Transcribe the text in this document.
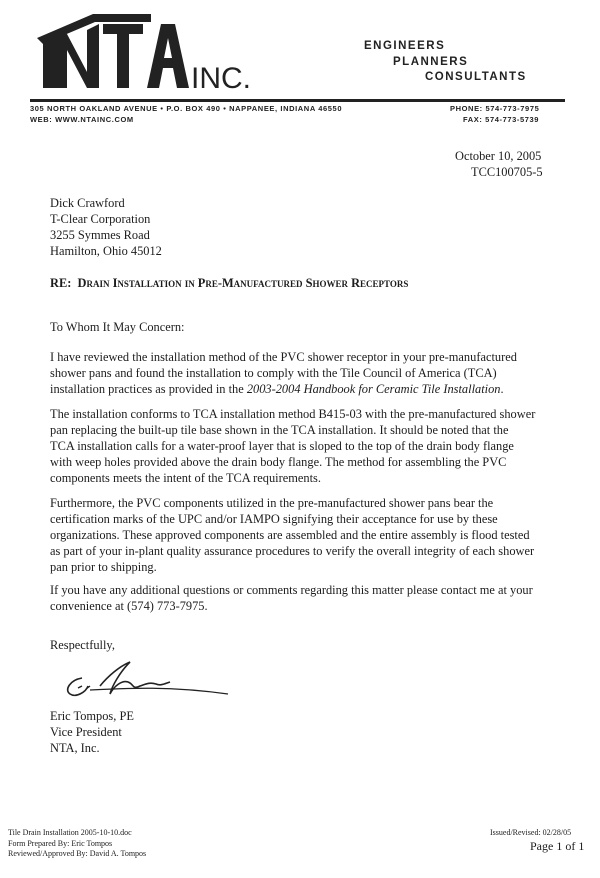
INC.
ENGINEERS
PLANNERS
CONSULTANTS
305 NORTH OAKLAND AVENUE • P.O. BOX 490 • NAPPANEE, INDIANA 46550
WEB: WWW.NTAINC.COM
PHONE: 574-773-7975
FAX: 574-773-5739
October 10, 2005
TCC100705-5
Dick Crawford
T-Clear Corporation
3255 Symmes Road
Hamilton, Ohio 45012
RE: Drain Installation in Pre-Manufactured Shower Receptors
To Whom It May Concern:
I have reviewed the installation method of the PVC shower receptor in your pre-manufactured
shower pans and found the installation to comply with the Tile Council of America (TCA)
installation practices as provided in the 2003-2004 Handbook for Ceramic Tile Installation.
The installation conforms to TCA installation method B415-03 with the pre-manufactured shower
pan replacing the built-up tile base shown in the TCA installation. It should be noted that the
TCA installation calls for a water-proof layer that is sloped to the top of the drain body flange
with weep holes provided above the drain body flange. The method for assembling the PVC
components meets the intent of the TCA requirements.
Furthermore, the PVC components utilized in the pre-manufactured shower pans bear the
certification marks of the UPC and/or IAMPO signifying their acceptance for use by these
organizations. These approved components are assembled and the entire assembly is flood tested
as part of your in-plant quality assurance procedures to verify the overall integrity of each shower
pan prior to shipping.
If you have any additional questions or comments regarding this matter please contact me at your
convenience at (574) 773-7975.
Respectfully,
Eric Tompos, PE
Vice President
NTA, Inc.
Tile Drain Installation 2005-10-10.doc
Form Prepared By: Eric Tompos
Reviewed/Approved By: David A. Tompos
Issued/Revised: 02/28/05
Page 1 of 1
